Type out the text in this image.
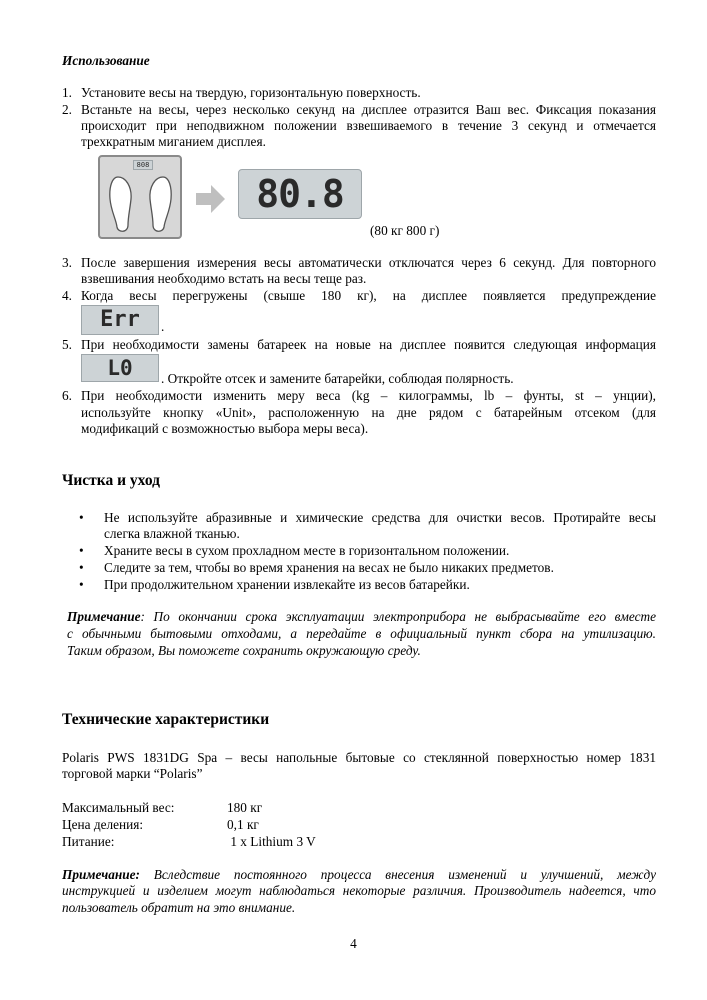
Использование
1. Установите весы на твердую, горизонтальную поверхность.
2. Встаньте на весы, через несколько секунд на дисплее отразится Ваш вес. Фиксация показания
происходит при неподвижном положении взвешиваемого в течение 3 секунд и отмечается
трехкратным миганием дисплея.
808
80.8
(80 кг 800 г)
3. После завершения измерения весы автоматически отключатся через 6 секунд. Для повторного
взвешивания необходимо встать на весы теще раз.
4. Когда весы перегружены (свыше 180 кг), на дисплее появляется предупреждение
Err .
5. При необходимости замены батареек на новые на дисплее появится следующая информация
L0 . Откройте отсек и замените батарейки, соблюдая полярность.
6. При необходимости изменить меру веса (kg – килограммы, lb – фунты, st – унции),
используйте кнопку «Unit», расположенную на дне рядом с батарейным отсеком (для
модификаций с возможностью выбора меры веса).
Чистка и уход
• Не используйте абразивные и химические средства для очистки весов. Протирайте весы
слегка влажной тканью.
• Храните весы в сухом прохладном месте в горизонтальном положении.
• Следите за тем, чтобы во время хранения на весах не было никаких предметов.
• При продолжительном хранении извлекайте из весов батарейки.
Примечание: По окончании срока эксплуатации электроприбора не выбрасывайте его вместе
с обычными бытовыми отходами, а передайте в официальный пункт сбора на утилизацию.
Таким образом, Вы поможете сохранить окружающую среду.
Технические характеристики
Polaris PWS 1831DG Spa – весы напольные бытовые со стеклянной поверхностью номер 1831
торговой марки “Polaris”
Максимальный вес:	180 кг
Цена деления:	0,1 кг
Питание:	1 x Lithium 3 V
Примечание: Вследствие постоянного процесса внесения изменений и улучшений, между
инструкцией и изделием могут наблюдаться некоторые различия. Производитель надеется, что
пользователь обратит на это внимание.
4
